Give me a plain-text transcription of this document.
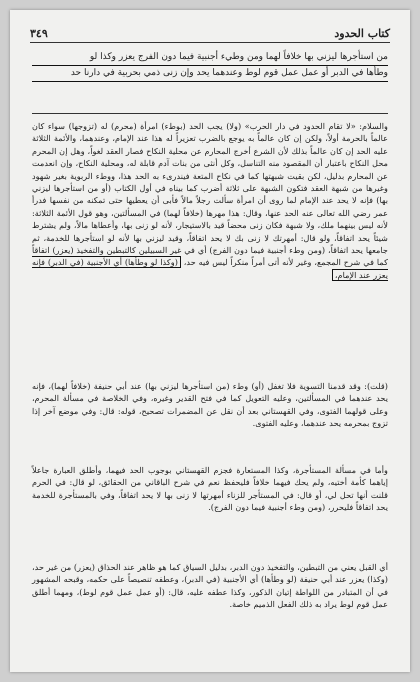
كتاب الحدود
٣٤٩
من استأجرها ليزني بها خلافاً لهما ومن وطيء أجنبية فيما دون الفرج يعزر وكذا لو
وطأها في الدبر أو عمل عمل قوم لوط وعندهما يحد وإن زنى ذمي بحربية في دارنا حد

والسلام: «لا تقام الحدود في دار الحرب» (ولا) يجب الحد (بوطء) امرأة (محرم) له (تزوجها) سواء كان عالماً بالحرمة أولاً، ولكن إن كان عالماً به يوجع بالضرب تعزيراً له هذا عند الإمام، وعندهما، والأئمة الثلاثة عليه الحد إن كان عالماً بذلك لأن الشرع أخرج المحارم عن محلية النكاح فصار العقد لغواً، وهل إن المحرم محل النكاح باعتبار أن المقصود منه التناسل، وكل أنثى من بنات آدم قابلة له، ومحلية النكاح، وإن انعدمت عن المحارم بدليل، لكن بقيت شبهتها كما في نكاح المتعة فيندرىء به الحد هذا، ووطء الربوية بغير شهود وغيرها من شبهة العقد فتكون الشبهة على ثلاثة أضرب كما بيناه في أول الكتاب (أو من استأجرها ليزني بها) فإنه لا يحد عند الإمام لما روى أن امرأة سألت رجلاً مالاً فأبى أن يعطيها حتى تمكنه من نفسها فدرأ عمر رضي الله تعالى عنه الحد عنها، وقال: هذا مهرها (خلافاً لهما) في المسألتين، وهو قول الأئمة الثلاثة: لأنه ليس بينهما ملك، ولا شبهة فكان زنى محضاً قيد بالاستيجار، لأنه لو زنى بها، وأعطاها مالاً، ولم يشترط شيئاً يحد اتفاقاً، ولو قال: أمهرتك لا زنى بك لا يحد اتفاقاً، وقيد ليزني بها لأنه لو استأجرها للخدمة، ثم جامعها يحد اتفاقاً، (ومن وطء أجنبية فيما دون الفرج) أي في غير السبيلين كالتبطين والتفخيذ (يعزر) اتفاقاً كما في شرح المجمع، وغير لأنه أتى أمراً منكراً ليس فيه حد، (وكذا لو وطأها) أي الأجنبية (في الدبر) فإنه يعزر عند الإمام،

(قلت): وقد قدمنا التسوية فلا تغفل (أو) وطء (من استأجرها ليزني بها) عند أبي حنيفة (خلافاً لهما)، فإنه يحد عندهما في المسألتين، وعليه التعويل كما في فتح القدير وغيره، وفي الخلاصة في مسألة المحرم، وعلى قولهما الفتوى، وفي القهستاني بعد أن نقل عن المضمرات تصحيح، قوله: قال: وفي موضع آخر إذا تزوج بمحرمه يحد عندهما، وعليه الفتوى.

وأما في مسألة المستأجرة، وكذا المستعارة فجزم القهستاني بوجوب الحد فيهما، وأطلق العبارة جاعلاً إياهما كأمة أختيه، ولم يحك فيهما خلافاً فليحفظ نعم في شرح الباقاني من الحقائق، لو قال: في الحرم قلنت أنها تحل لي، أو قال: في المستأجر للزناء أمهرتها لا زنى بها لا يحد اتفاقاً، وفي بالمستأجرة للخدمة يحد اتفاقاً فليحرر، (ومن وطء أجنبية فيما دون الفرج).

أي القبل يعني من التبطين، والتفخيذ دون الدبر، بدليل السياق كما هو ظاهر عند الحذاق (يعزر) من غير حد، (وكذا) يعزر عند أبي حنيفة (لو وطأها) أي الأجنبية (في الدبر)، وعطفه تنصيصاً على حكمه، وقبحه المشهور في أن المتبادر من اللواطة إتيان الذكور، وكذا عطفه عليه، قال: (أو عمل عمل قوم لوط)، ومهما أطلق عمل قوم لوط يراد به ذلك الفعل الذميم خاصة.
